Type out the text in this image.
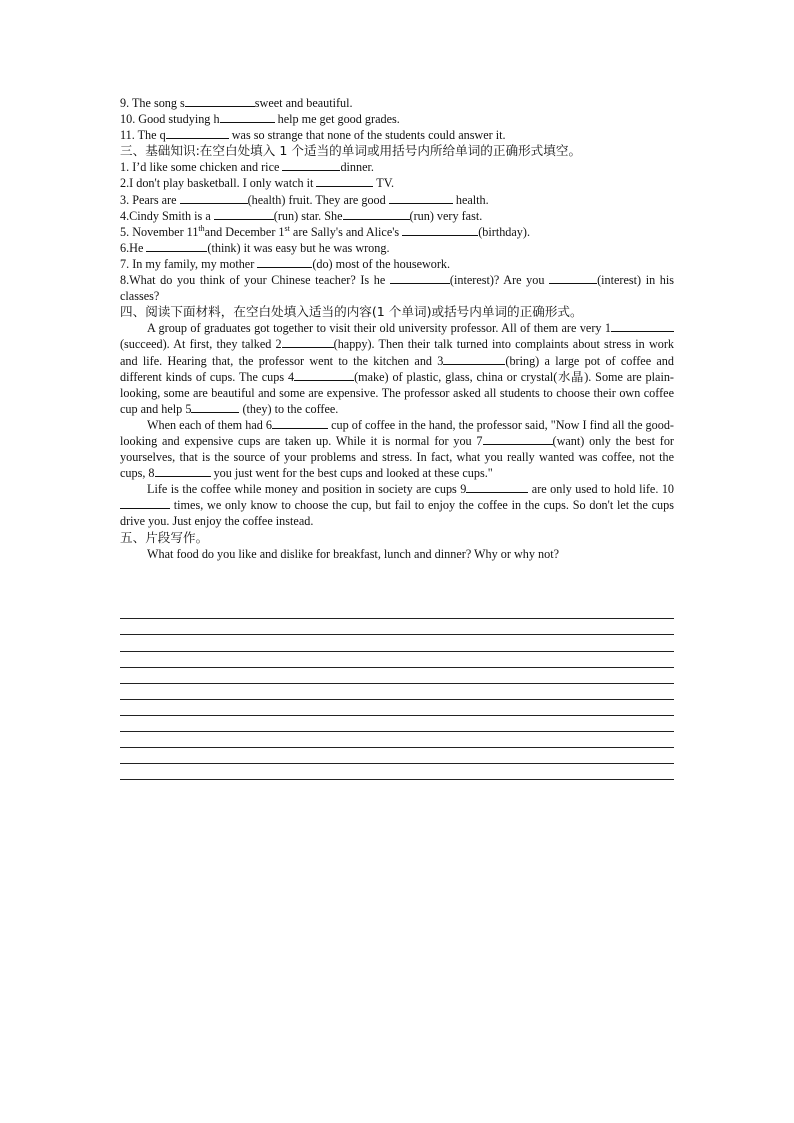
9. The song s	sweet and beautiful.
10. Good studying h	help me get good grades.
11. The q	was so strange that none of the students could answer it.
三、基础知识:在空白处填入 1 个适当的单词或用括号内所给单词的正确形式填空。
1. I’d like some chicken and rice	dinner.
2.I don't play basketball. I only watch it	TV.
3. Pears are	(health) fruit. They are good	health.
4.Cindy Smith is a	(run) star. She	(run) very fast.
5. November 11thand December 1st are Sally's and Alice's	(birthday).
6.He	(think) it was easy but he was wrong.
7. In my family, my mother	(do) most of the housework.
8.What do you think of your Chinese teacher? Is he	(interest)? Are you	(interest) in his classes?
四、阅读下面材料，在空白处填入适当的内容(1 个单词)或括号内单词的正确形式。
A group of graduates got together to visit their old university professor. All of them are very 1(succeed). At first, they talked 2	(happy). Then their talk turned into complaints about stress in work and life. Hearing that, the professor went to the kitchen and 3	(bring) a large pot of coffee and different kinds of cups. The cups 4	(make) of plastic, glass, china or crystal(水晶). Some are plain-looking, some are beautiful and some are expensive. The professor asked all students to choose their own coffee cup and help 5	(they) to the coffee.
When each of them had 6	cup of coffee in the hand, the professor said, "Now I find all the good-looking and expensive cups are taken up. While it is normal for you 7	(want) only the best for yourselves, that is the source of your problems and stress. In fact, what you really wanted was coffee, not the cups, 8	you just went for the best cups and looked at these cups."
Life is the coffee while money and position in society are cups 9	are only used to hold life. 10 times, we only know to choose the cup, but fail to enjoy the coffee in the cups. So don't let the cups drive you. Just enjoy the coffee instead.
五、片段写作。
What food do you like and dislike for breakfast, lunch and dinner? Why or why not?
